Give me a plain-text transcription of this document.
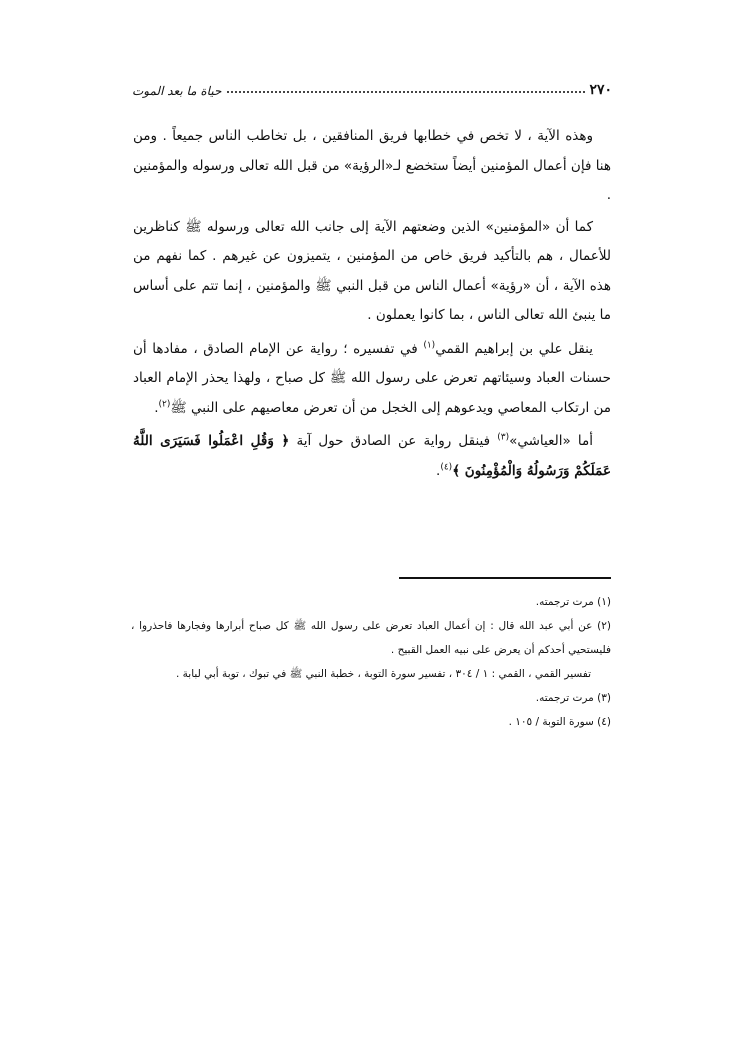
٢٧٠
حياة ما بعد الموت

وهذه الآية ، لا تخص في خطابها فريق المنافقين ، بل تخاطب الناس جميعاً . ومن هنا فإن أعمال المؤمنين أيضاً ستخضع لـ«الرؤية» من قبل الله تعالى ورسوله والمؤمنين .

كما أن «المؤمنين» الذين وضعتهم الآية إلى جانب الله تعالى ورسوله ﷺ كناظرين للأعمال ، هم بالتأكيد فريق خاص من المؤمنين ، يتميزون عن غيرهم . كما نفهم من هذه الآية ، أن «رؤية» أعمال الناس من قبل النبي ﷺ والمؤمنين ، إنما تتم على أساس ما ينبئ الله تعالى الناس ، بما كانوا يعملون .

ينقل علي بن إبراهيم القمي$^{(١)}$ في تفسيره ؛ رواية عن الإمام الصادق ، مفادها أن حسنات العباد وسيئاتهم تعرض على رسول الله ﷺ كل صباح ، ولهذا يحذر الإمام العباد من ارتكاب المعاصي ويدعوهم إلى الخجل من أن تعرض معاصيهم على النبي ﷺ$^{(٢)}$.

أما «العياشي»$^{(٣)}$ فينقل رواية عن الصادق حول آية ﴿ وَقُلِ اعْمَلُوا فَسَيَرَى اللَّهُ عَمَلَكُمْ وَرَسُولُهُ وَالْمُؤْمِنُونَ ﴾$^{(٤)}$.

(١) مرت ترجمته.

(٢) عن أبي عبد الله قال : إن أعمال العباد تعرض على رسول الله ﷺ كل صباح أبرارها وفجارها فاحذروا ، فليستحيي أحدكم أن يعرض على نبيه العمل القبيح .

تفسير القمي ، القمي : ١ / ٣٠٤ ، تفسير سورة التوبة ، خطبة النبي ﷺ في تبوك ، توبة أبي لبابة .

(٣) مرت ترجمته.

(٤) سورة التوبة / ١٠٥ .
